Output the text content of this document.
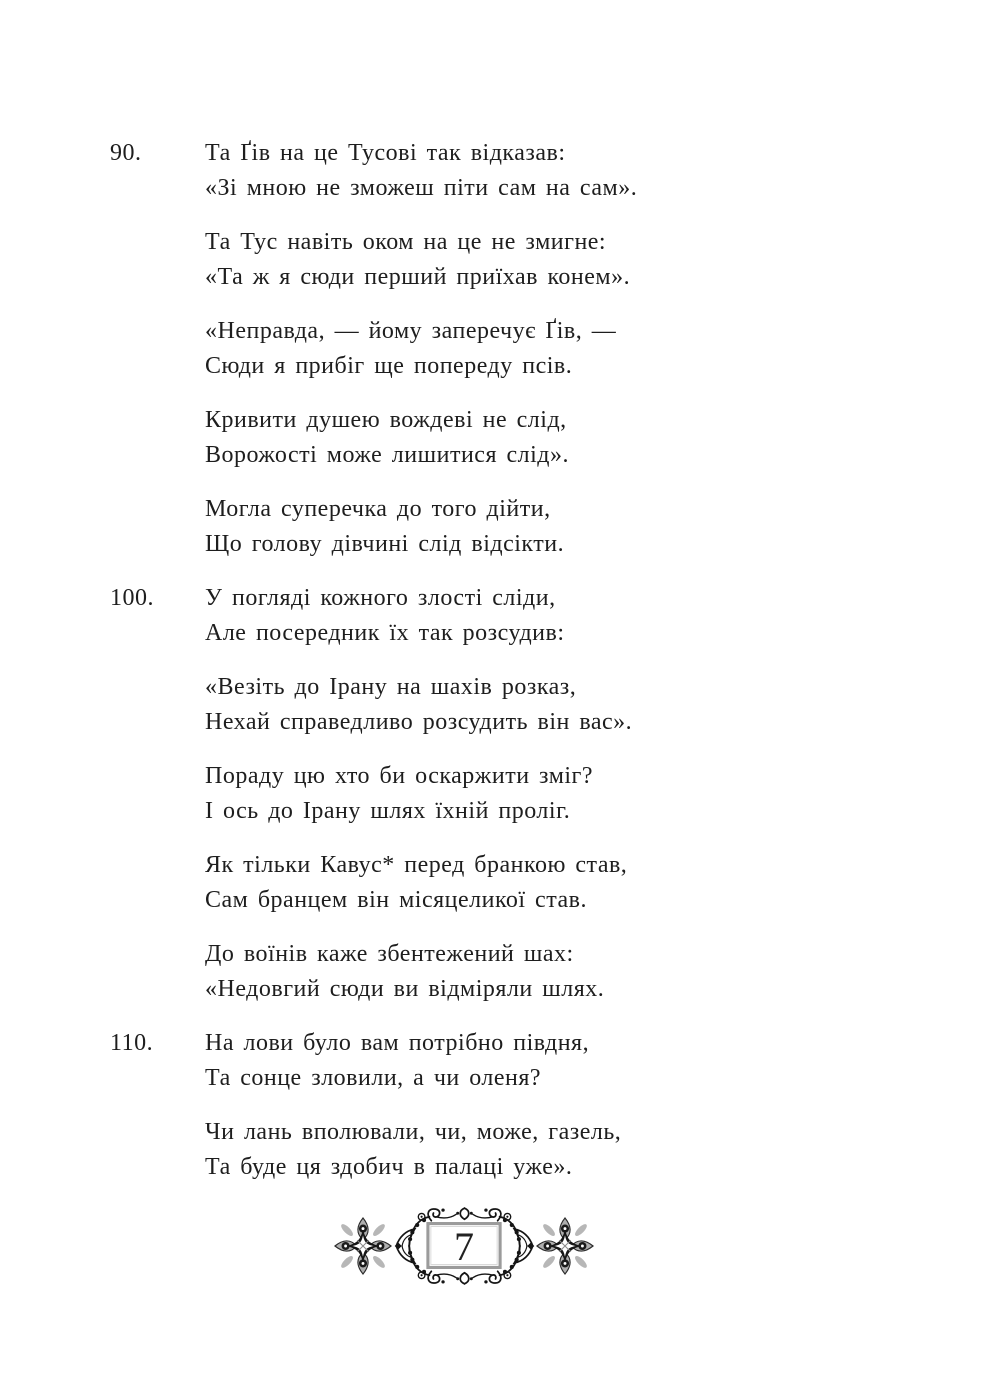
90.	Та Ґів на це Тусові так відказав:
«Зі мною не зможеш піти сам на сам».
Та Тус навіть оком на це не змигне:
«Та ж я сюди перший приїхав конем».
«Неправда, — йому заперечує Ґів, —
Сюди я прибіг ще попереду псів.
Кривити душею вождеві не слід,
Ворожості може лишитися слід».
Могла суперечка до того дійти,
Що голову дівчині слід відсікти.
100. У погляді кожного злості сліди,
Але посередник їх так розсудив:
«Везіть до Ірану на шахів розказ,
Нехай справедливо розсудить він вас».
Пораду цю хто би оскаржити зміг?
І ось до Ірану шлях їхній проліг.
Як тільки Кавус* перед бранкою став,
Сам бранцем він місяцеликої став.
До воїнів каже збентежений шах:
«Недовгий сюди ви відміряли шлях.
110. На лови було вам потрібно півдня,
Та сонце зловили, а чи оленя?
Чи лань вполювали, чи, може, газель,
Та буде ця здобич в палаці уже».
7
